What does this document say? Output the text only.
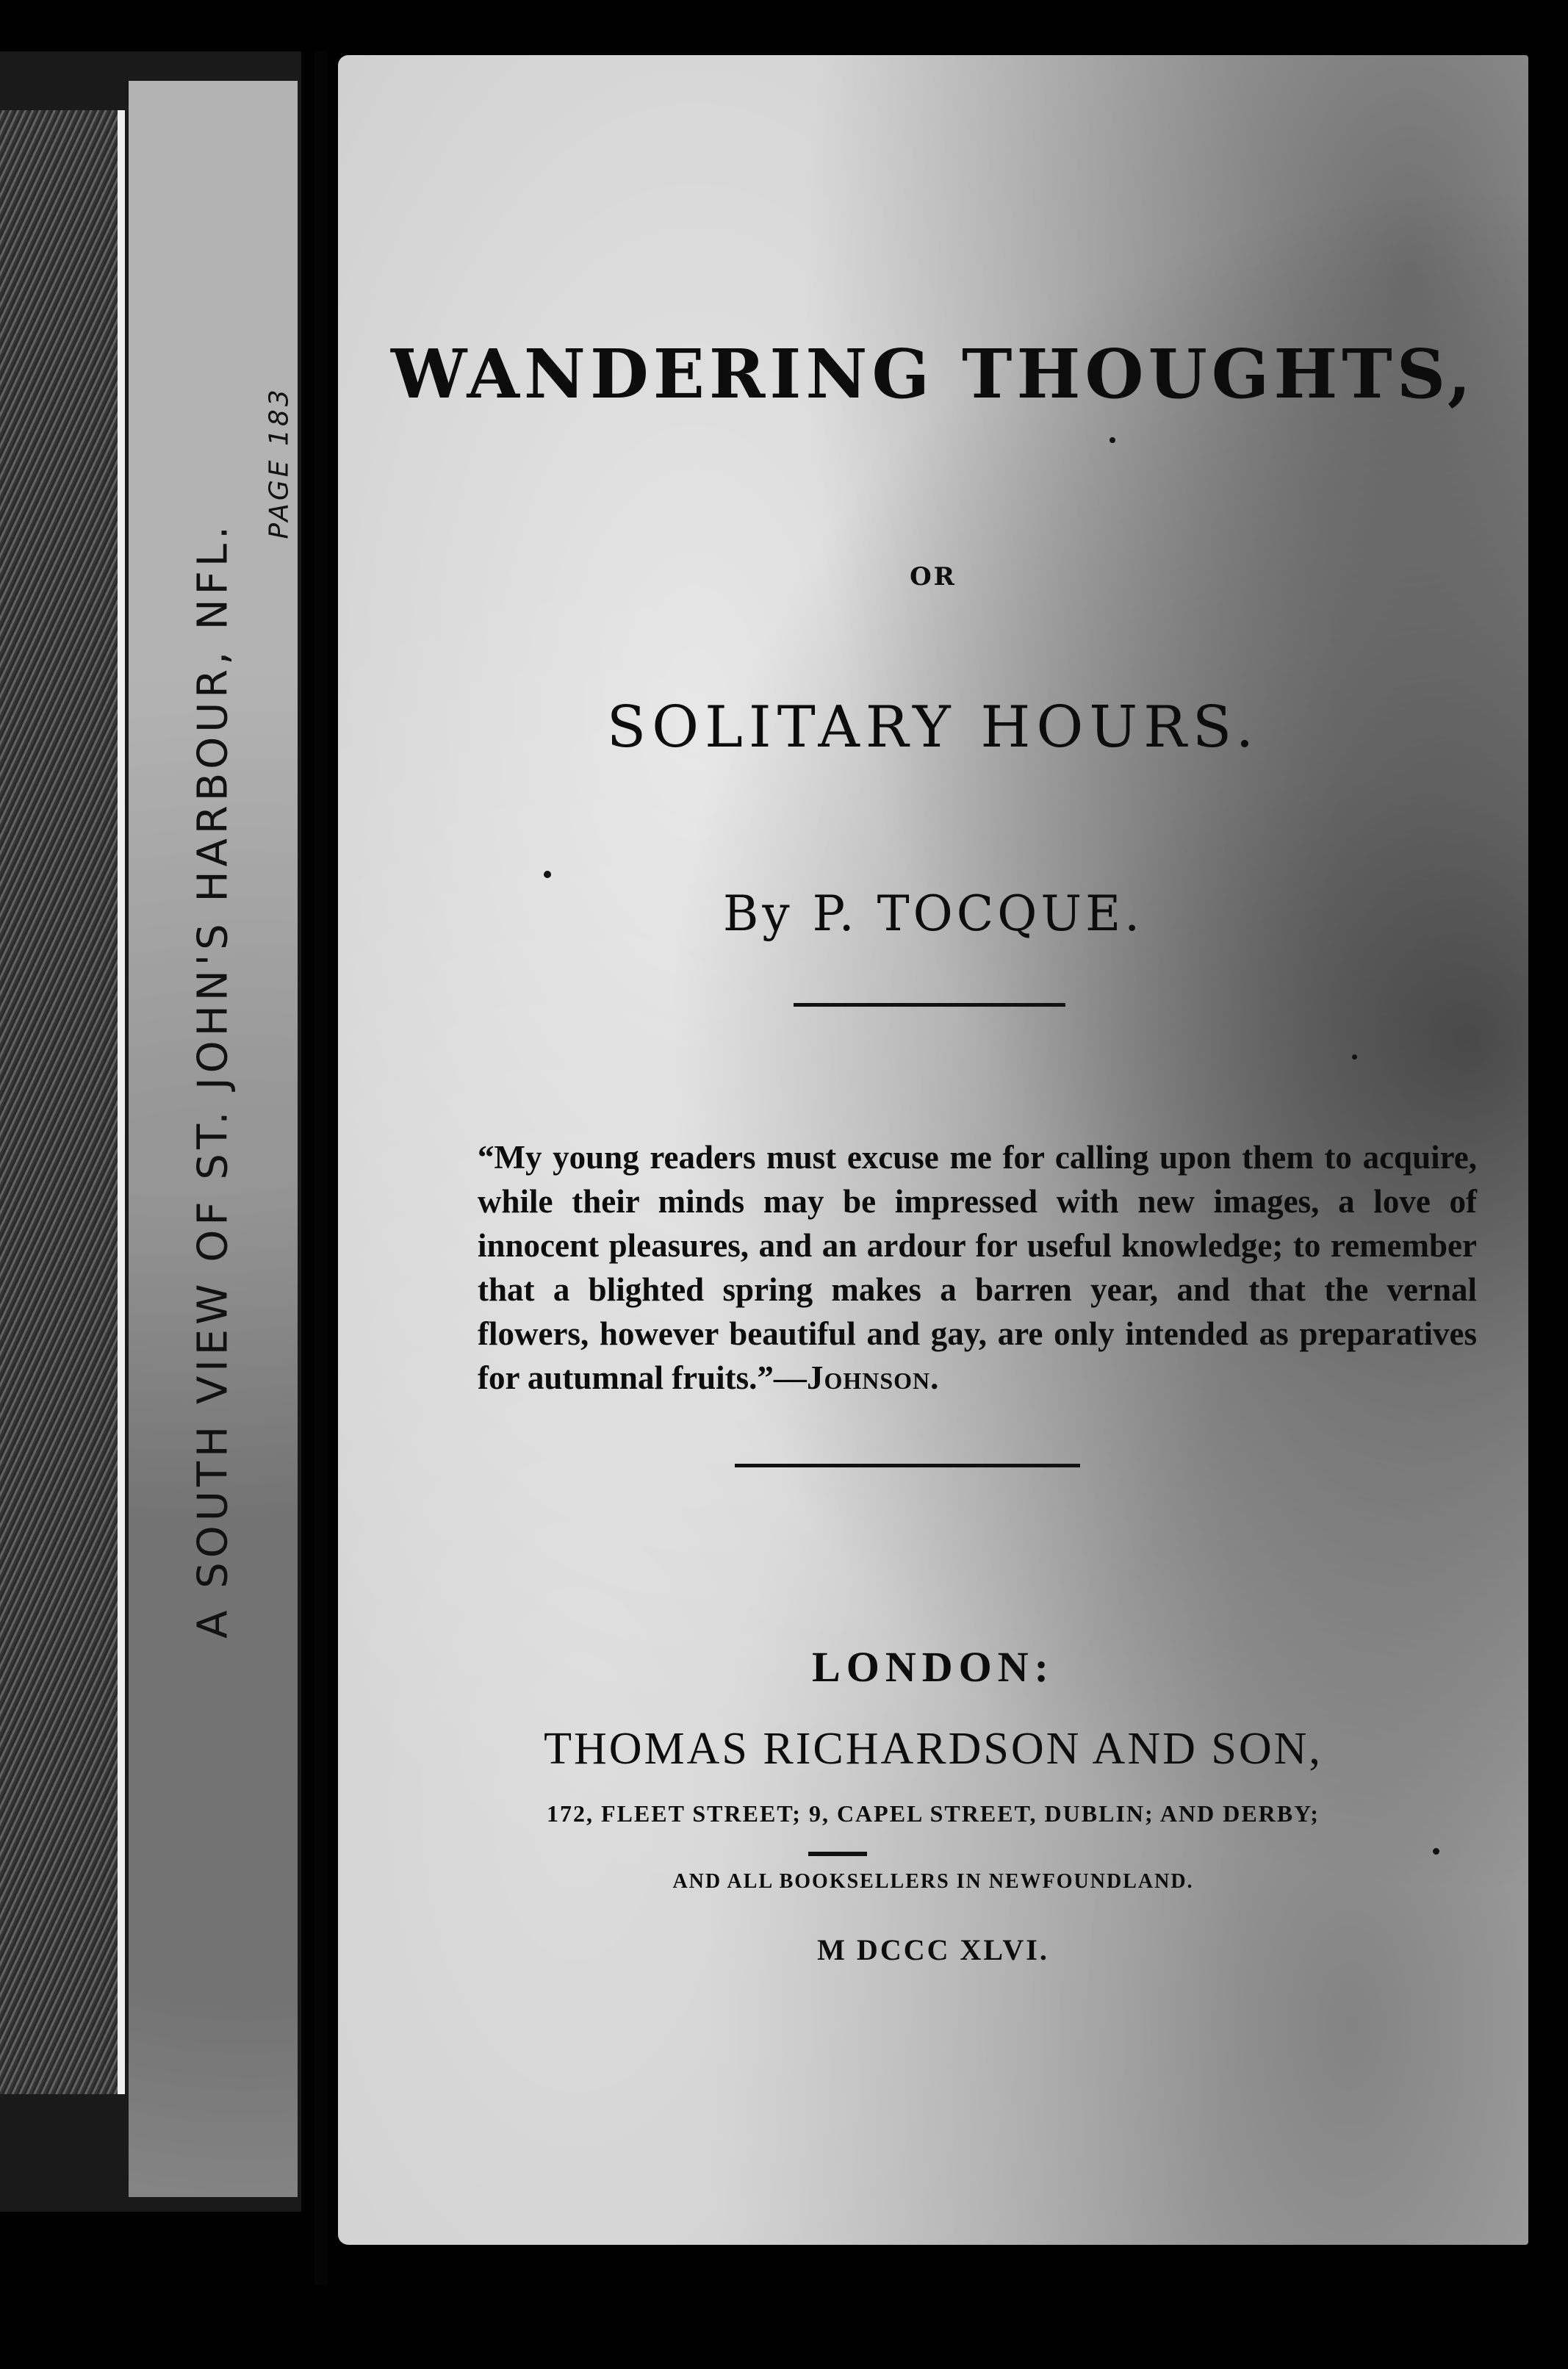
A SOUTH VIEW OF ST. JOHN'S HARBOUR, NFL.
PAGE 183
WANDERING THOUGHTS,
OR
SOLITARY HOURS.
By P. TOCQUE.
“My young readers must excuse me for calling upon them to acquire, while their minds may be impressed with new images, a love of innocent pleasures, and an ardour for useful knowledge; to remember that a blighted spring makes a barren year, and that the vernal flowers, however beautiful and gay, are only intended as preparatives for autumnal fruits.”—Johnson.
LONDON:
THOMAS RICHARDSON AND SON,
172, FLEET STREET; 9, CAPEL STREET, DUBLIN; AND DERBY;
AND ALL BOOKSELLERS IN NEWFOUNDLAND.
M DCCC XLVI.
